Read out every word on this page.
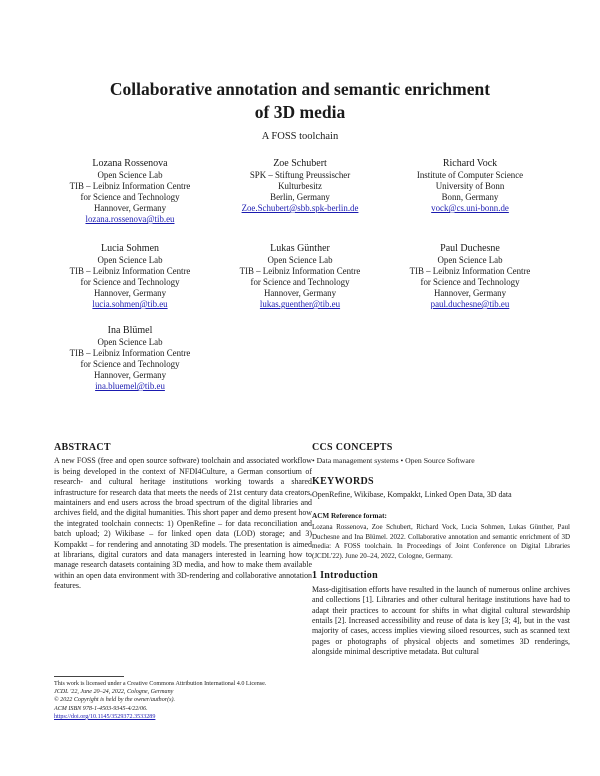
Collaborative annotation and semantic enrichment
of 3D media
A FOSS toolchain
Lozana Rossenova
Open Science Lab
TIB – Leibniz Information Centre
for Science and Technology
Hannover, Germany
lozana.rossenova@tib.eu
Zoe Schubert
SPK – Stiftung Preussischer
Kulturbesitz
Berlin, Germany
Zoe.Schubert@sbb.spk-berlin.de
Richard Vock
Institute of Computer Science
University of Bonn
Bonn, Germany
vock@cs.uni-bonn.de
Lucia Sohmen
Open Science Lab
TIB – Leibniz Information Centre
for Science and Technology
Hannover, Germany
lucia.sohmen@tib.eu
Lukas Günther
Open Science Lab
TIB – Leibniz Information Centre
for Science and Technology
Hannover, Germany
lukas.guenther@tib.eu
Paul Duchesne
Open Science Lab
TIB – Leibniz Information Centre
for Science and Technology
Hannover, Germany
paul.duchesne@tib.eu
Ina Blümel
Open Science Lab
TIB – Leibniz Information Centre
for Science and Technology
Hannover, Germany
ina.bluemel@tib.eu
ABSTRACT

A new FOSS (free and open source software) toolchain and associated workflow is being developed in the context of NFDI4Culture, a German consortium of research- and cultural heritage institutions working towards a shared infrastructure for research data that meets the needs of 21st century data creators, maintainers and end users across the broad spectrum of the digital libraries and archives field, and the digital humanities. This short paper and demo present how the integrated toolchain connects: 1) OpenRefine – for data reconciliation and batch upload; 2) Wikibase – for linked open data (LOD) storage; and 3) Kompakkt – for rendering and annotating 3D models. The presentation is aimed at librarians, digital curators and data managers interested in learning how to manage research datasets containing 3D media, and how to make them available within an open data environment with 3D-rendering and collaborative annotation features.

This work is licensed under a Creative Commons Attribution International 4.0 License.
JCDL '22, June 20–24, 2022, Cologne, Germany
© 2022 Copyright is held by the owner/author(s).
ACM ISBN 978-1-4503-9345-4/22/06.
https://doi.org/10.1145/3529372.3533289
CCS CONCEPTS
• Data management systems • Open Source Software
KEYWORDS
OpenRefine, Wikibase, Kompakkt, Linked Open Data, 3D data
ACM Reference format:

Lozana Rossenova, Zoe Schubert, Richard Vock, Lucia Sohmen, Lukas Günther, Paul Duchesne and Ina Blümel. 2022. Collaborative annotation and semantic enrichment of 3D media: A FOSS toolchain. In Proceedings of Joint Conference on Digital Libraries (JCDL'22). June 20–24, 2022, Cologne, Germany.

1 Introduction

Mass-digitisation efforts have resulted in the launch of numerous online archives and collections [1]. Libraries and other cultural heritage institutions have had to adapt their practices to account for shifts in what digital cultural stewardship entails [2]. Increased accessibility and reuse of data is key [3; 4], but in the vast majority of cases, access implies viewing siloed resources, such as scanned text pages or photographs of physical objects and sometimes 3D renderings, alongside minimal descriptive metadata. But cultural
